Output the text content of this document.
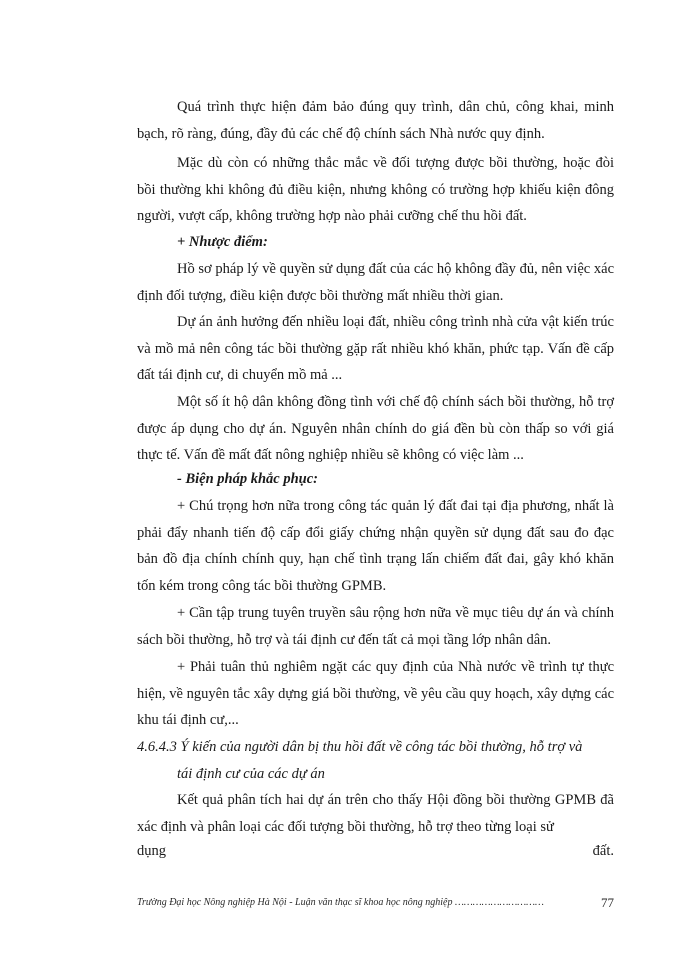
Quá trình thực hiện đảm bảo đúng quy trình, dân chủ, công khai, minh bạch, rõ ràng, đúng, đầy đủ các chế độ chính sách Nhà nước quy định.

Mặc dù còn có những thắc mắc về đối tượng được bồi thường, hoặc đòi bồi thường khi không đủ điều kiện, nhưng không có trường hợp khiếu kiện đông người, vượt cấp, không trường hợp nào phải cưỡng chế thu hồi đất.

+ Nhược điểm:

Hồ sơ pháp lý về quyền sử dụng đất của các hộ không đầy đủ, nên việc xác định đối tượng, điều kiện được bồi thường mất nhiều thời gian.

Dự án ảnh hưởng đến nhiều loại đất, nhiều công trình nhà cửa vật kiến trúc và mồ mả nên công tác bồi thường gặp rất nhiều khó khăn, phức tạp. Vấn đề cấp đất tái định cư, di chuyển mồ mả ...

Một số ít hộ dân không đồng tình với chế độ chính sách bồi thường, hỗ trợ được áp dụng cho dự án. Nguyên nhân chính do giá đền bù còn thấp so với giá thực tế. Vấn đề mất đất nông nghiệp nhiều sẽ không có việc làm ...

- Biện pháp khắc phục:

+ Chú trọng hơn nữa trong công tác quản lý đất đai tại địa phương, nhất là phải đẩy nhanh tiến độ cấp đổi giấy chứng nhận quyền sử dụng đất sau đo đạc bản đồ địa chính chính quy, hạn chế tình trạng lấn chiếm đất đai, gây khó khăn tốn kém trong công tác bồi thường GPMB.

+ Cần tập trung tuyên truyền sâu rộng hơn nữa về mục tiêu dự án và chính sách bồi thường, hỗ trợ và tái định cư đến tất cả mọi tầng lớp nhân dân.

+ Phải tuân thủ nghiêm ngặt các quy định của Nhà nước về trình tự thực hiện, về nguyên tắc xây dựng giá bồi thường, về yêu cầu quy hoạch, xây dựng các khu tái định cư,...

4.6.4.3 Ý kiến của người dân bị thu hồi đất về công tác bồi thường, hỗ trợ và
tái định cư của các dự án

Kết quả phân tích hai dự án trên cho thấy Hội đồng bồi thường GPMB đã xác định và phân loại các đối tượng bồi thường, hỗ trợ theo từng loại sử

dụng	đất.
Trường Đại học Nông nghiệp Hà Nội - Luận văn thạc sĩ khoa học nông nghiệp …………………………	77
